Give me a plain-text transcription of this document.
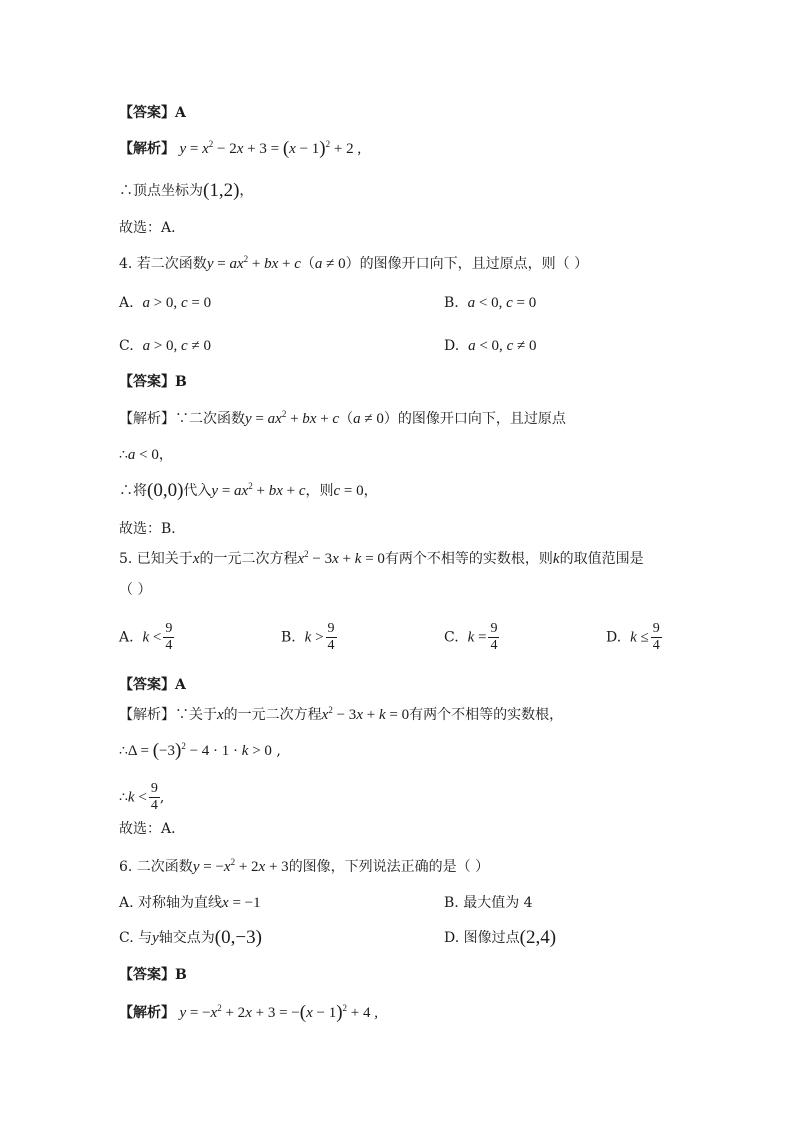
【答案】A
【解析】 $y = x^2 - 2x + 3 = (x - 1)^2 + 2$ ,
∴顶点坐标为(1,2)，
故选：A．
4. 若二次函数$y = ax^2$ + bx + c（a ≠ 0）的图像开口向下，且过原点，则（ ）
A. a > 0, c = 0	B. a < 0, c = 0
C. a > 0, c ≠ 0	D. a < 0, c ≠ 0
【答案】B
【解析】∵二次函数$y = ax^2$ + bx + c（a ≠ 0）的图像开口向下，且过原点
∴a < 0，
∴将(0,0)代入$y = ax^2$ + bx + c，则c = 0，
故选：B．
5. 已知关于x的一元二次方程$x^2 - 3x + k = 0$有两个不相等的实数根，则k的取值范围是
（ ）
A. $k < \frac{9}{4}$	B. $k > \frac{9}{4}$	C. $k = \frac{9}{4}$	D. $k \le \frac{9}{4}$
【答案】A
【解析】∵关于x的一元二次方程$x^2 - 3x + k = 0$有两个不相等的实数根，
∴Δ = $(-3)^2 - 4 \cdot 1 \cdot k > 0$ ,
∴k < $\frac{9}{4}$ ,
故选：A．
6. 二次函数$y = -x^2 + 2x + 3$的图像，下列说法正确的是（ ）
A. 对称轴为直线x = −1	B. 最大值为 4
C. 与y轴交点为(0,−3)	D. 图像过点(2,4)
【答案】B
【解析】 $y = -x^2 + 2x + 3 = -(x - 1)^2 + 4$ ,
